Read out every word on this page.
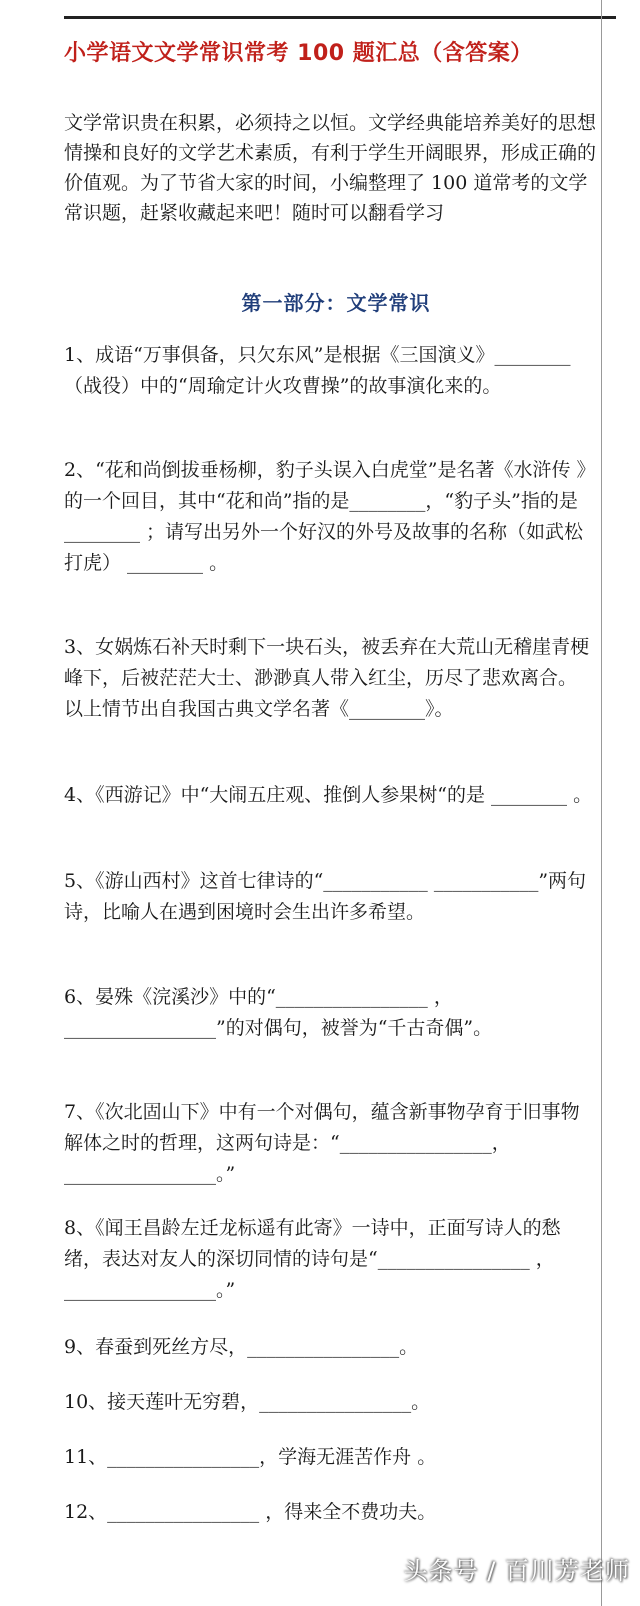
小学语文文学常识常考 100 题汇总（含答案）
文学常识贵在积累，必须持之以恒。文学经典能培养美好的思想情操和良好的文学艺术素质，有利于学生开阔眼界，形成正确的价值观。为了节省大家的时间，小编整理了 100 道常考的文学常识题，赶紧收藏起来吧！随时可以翻看学习
第一部分：文学常识
1、成语“万事俱备，只欠东风”是根据《三国演义》________ （战役）中的“周瑜定计火攻曹操”的故事演化来的。
2、“花和尚倒拔垂杨柳，豹子头误入白虎堂”是名著《水浒传 》的一个回目，其中“花和尚”指的是________，“豹子头”指的是 ________ ；请写出另外一个好汉的外号及故事的名称（如武松打虎） ________ 。
3、女娲炼石补天时剩下一块石头，被丢弃在大荒山无稽崖青梗峰下，后被茫茫大士、渺渺真人带入红尘，历尽了悲欢离合。以上情节出自我国古典文学名著《________》。
4、《西游记》中“大闹五庄观、推倒人参果树“的是 ________ 。
5、《游山西村》这首七律诗的“___________ ___________”两句诗，比喻人在遇到困境时会生出许多希望。
6、晏殊《浣溪沙》中的“________________ ，________________”的对偶句，被誉为“千古奇偶”。
7、《次北固山下》中有一个对偶句，蕴含新事物孕育于旧事物解体之时的哲理，这两句诗是：“________________，________________。”
8、《闻王昌龄左迁龙标遥有此寄》一诗中，正面写诗人的愁绪，表达对友人的深切同情的诗句是“________________ ，________________。”
9、春蚕到死丝方尽，________________。
10、接天莲叶无穷碧，________________。
11、________________，学海无涯苦作舟 。
12、________________ ，得来全不费功夫。
头条号 / 百川芳老师
